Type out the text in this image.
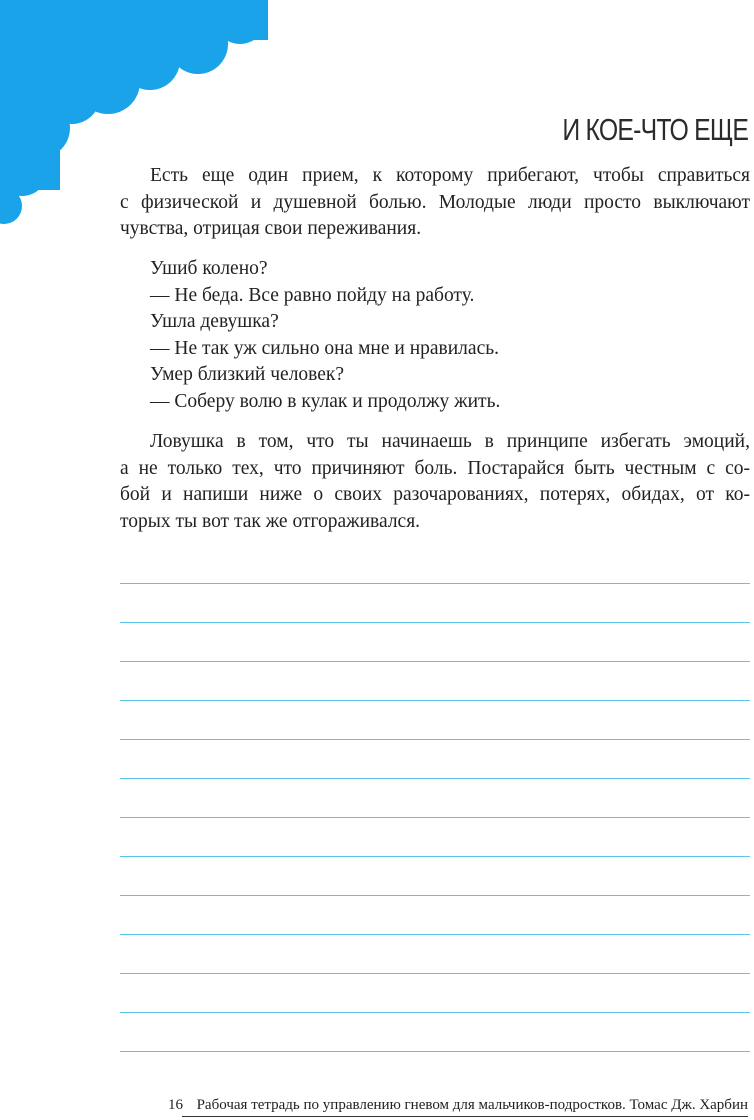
И КОЕ-ЧТО ЕЩЕ
Есть еще один прием, к которому прибегают, чтобы справиться
с физической и душевной болью. Молодые люди просто выключают
чувства, отрицая свои переживания.
Ушиб колено?
— Не беда. Все равно пойду на работу.
Ушла девушка?
— Не так уж сильно она мне и нравилась.
Умер близкий человек?
— Соберу волю в кулак и продолжу жить.
Ловушка в том, что ты начинаешь в принципе избегать эмоций,
а не только тех, что причиняют боль. Постарайся быть честным с со-
бой и напиши ниже о своих разочарованиях, потерях, обидах, от ко-
торых ты вот так же отгораживался.
16 Рабочая тетрадь по управлению гневом для мальчиков-подростков. Томас Дж. Харбин
